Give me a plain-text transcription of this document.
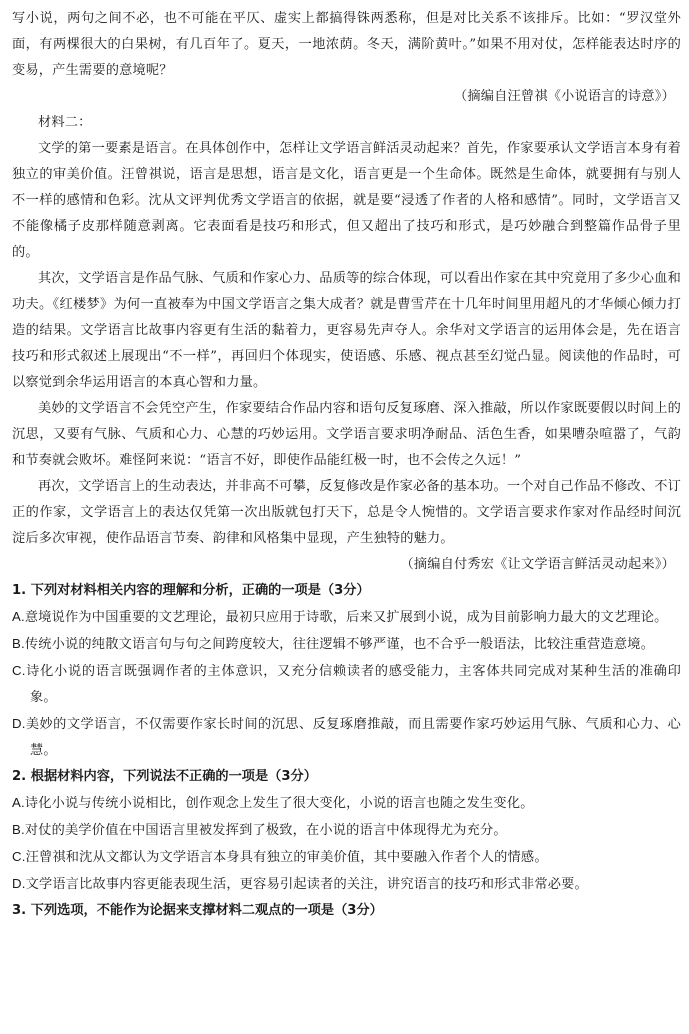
写小说，两句之间不必，也不可能在平仄、虚实上都搞得铢两悉称，但是对比关系不该排斥。比如：“罗汉堂外面，有两棵很大的白果树，有几百年了。夏天，一地浓荫。冬天，满阶黄叶。”如果不用对仗，怎样能表达时序的变易，产生需要的意境呢？

（摘编自汪曾祺《小说语言的诗意》）

材料二：

文学的第一要素是语言。在具体创作中，怎样让文学语言鲜活灵动起来？首先，作家要承认文学语言本身有着独立的审美价值。汪曾祺说，语言是思想，语言是文化，语言更是一个生命体。既然是生命体，就要拥有与别人不一样的感情和色彩。沈从文评判优秀文学语言的依据，就是要“浸透了作者的人格和感情”。同时，文学语言又不能像橘子皮那样随意剥离。它表面看是技巧和形式，但又超出了技巧和形式，是巧妙融合到整篇作品骨子里的。

其次，文学语言是作品气脉、气质和作家心力、品质等的综合体现，可以看出作家在其中究竟用了多少心血和功夫。《红楼梦》为何一直被奉为中国文学语言之集大成者？就是曹雪芹在十几年时间里用超凡的才华倾心倾力打造的结果。文学语言比故事内容更有生活的黏着力，更容易先声夺人。余华对文学语言的运用体会是，先在语言技巧和形式叙述上展现出“不一样”，再回归个体现实，使语感、乐感、视点甚至幻觉凸显。阅读他的作品时，可以察觉到余华运用语言的本真心智和力量。

美妙的文学语言不会凭空产生，作家要结合作品内容和语句反复琢磨、深入推敲，所以作家既要假以时间上的沉思，又要有气脉、气质和心力、心慧的巧妙运用。文学语言要求明净耐品、活色生香，如果嘈杂喧嚣了，气韵和节奏就会败坏。难怪阿来说：“语言不好，即使作品能红极一时，也不会传之久远！”

再次，文学语言上的生动表达，并非高不可攀，反复修改是作家必备的基本功。一个对自己作品不修改、不订正的作家，文学语言上的表达仅凭第一次出版就包打天下，总是令人惋惜的。文学语言要求作家对作品经时间沉淀后多次审视，使作品语言节奏、韵律和风格集中显现，产生独特的魅力。

（摘编自付秀宏《让文学语言鲜活灵动起来》）

1. 下列对材料相关内容的理解和分析，正确的一项是（3分）

A.意境说作为中国重要的文艺理论，最初只应用于诗歌，后来又扩展到小说，成为目前影响力最大的文艺理论。

B.传统小说的纯散文语言句与句之间跨度较大，往往逻辑不够严谨，也不合乎一般语法，比较注重营造意境。

C.诗化小说的语言既强调作者的主体意识，又充分信赖读者的感受能力，主客体共同完成对某种生活的准确印象。

D.美妙的文学语言，不仅需要作家长时间的沉思、反复琢磨推敲，而且需要作家巧妙运用气脉、气质和心力、心慧。

2. 根据材料内容，下列说法不正确的一项是（3分）

A.诗化小说与传统小说相比，创作观念上发生了很大变化，小说的语言也随之发生变化。

B.对仗的美学价值在中国语言里被发挥到了极致，在小说的语言中体现得尤为充分。

C.汪曾祺和沈从文都认为文学语言本身具有独立的审美价值，其中要融入作者个人的情感。

D.文学语言比故事内容更能表现生活，更容易引起读者的关注，讲究语言的技巧和形式非常必要。

3. 下列选项，不能作为论据来支撑材料二观点的一项是（3分）
